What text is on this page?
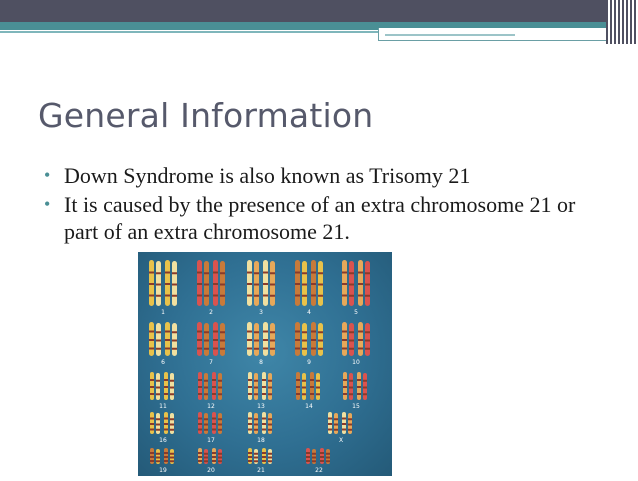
General Information
• Down Syndrome is also known as Trisomy 21
• It is caused by the presence of an extra chromosome 21 or part of an extra chromosome 21.
1	2	3	4	5
6	7	8	9	10
11	12	13	14	15
16	17	18	X
19	20	21	22
